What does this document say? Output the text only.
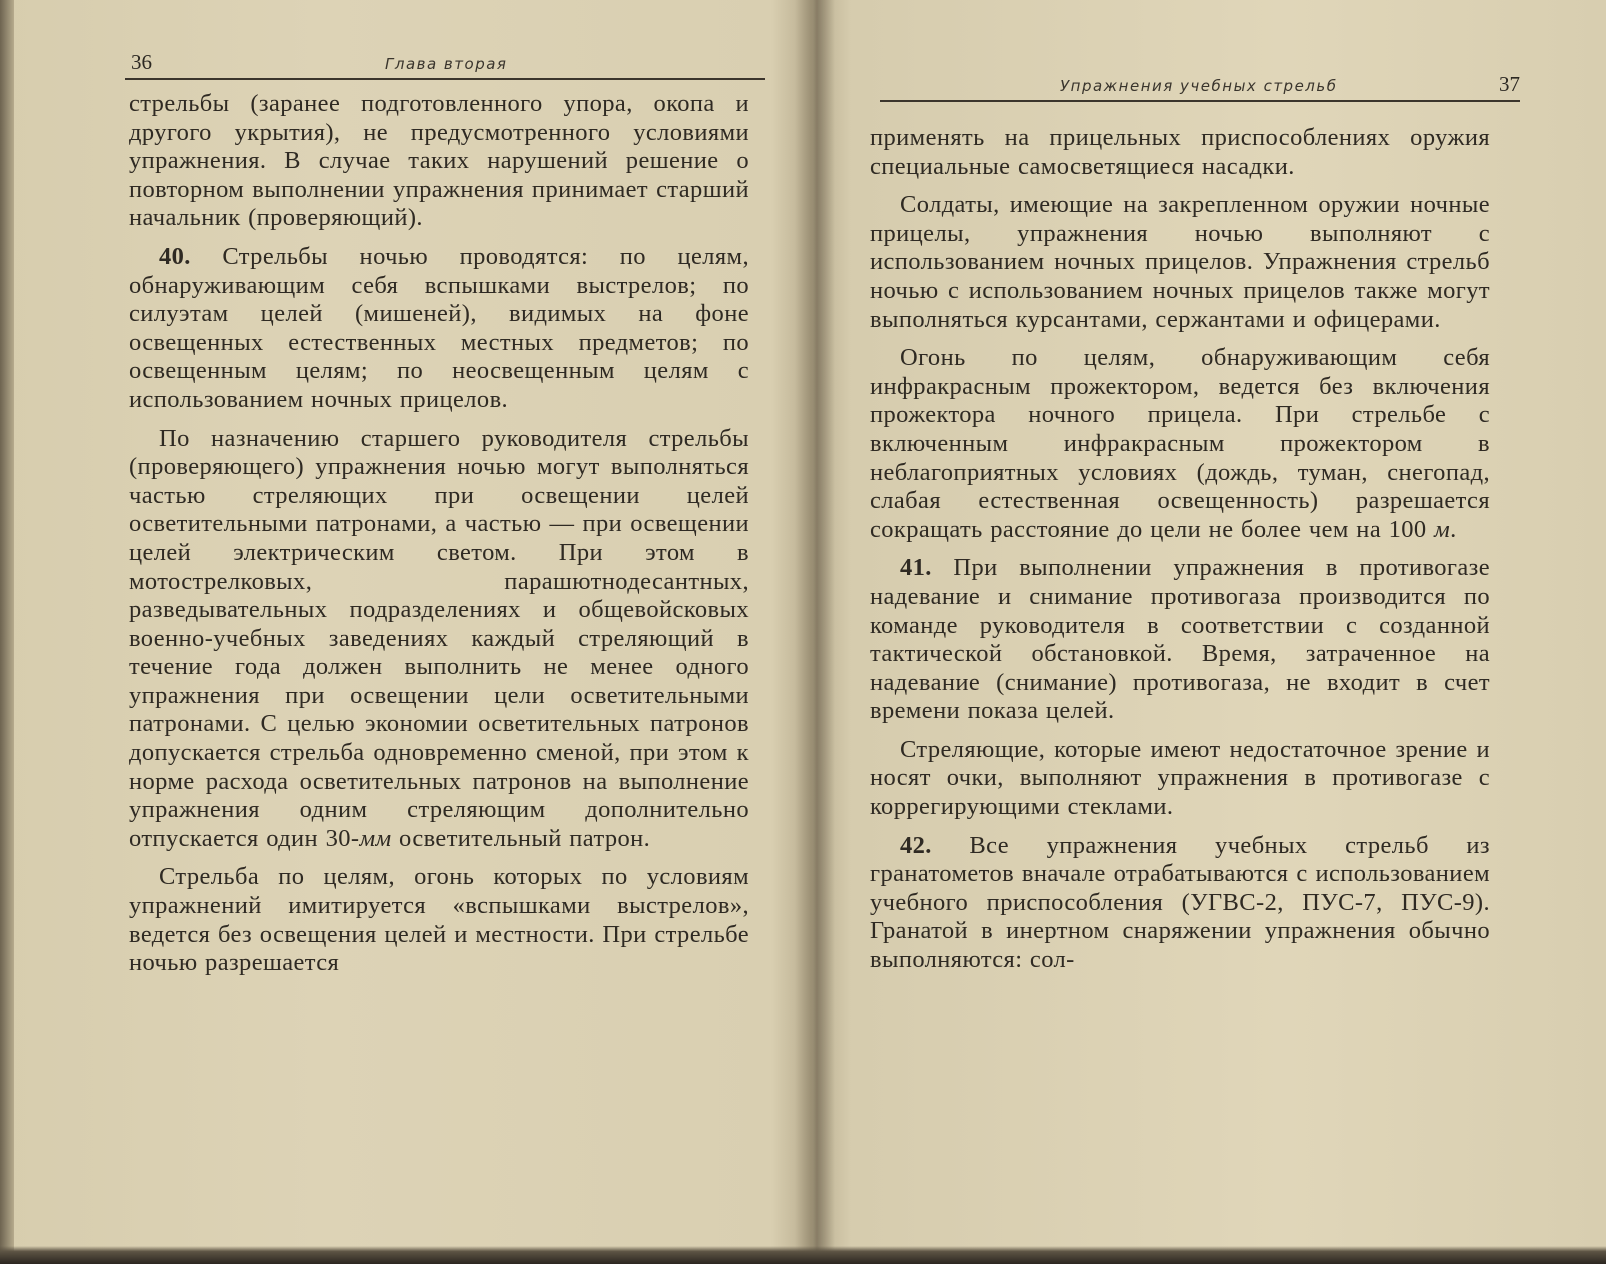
36	Глава вторая

стрельбы (заранее подготовленного упора, окопа и другого укрытия), не предусмотренного условиями упражнения. В случае таких нарушений решение о повторном выполнении упражнения принимает старший начальник (проверяющий).

40. Стрельбы ночью проводятся: по целям, обнаруживающим себя вспышками выстрелов; по силуэтам целей (мишеней), видимых на фоне освещенных естественных местных предметов; по освещенным целям; по неосвещенным целям с использованием ночных прицелов.

По назначению старшего руководителя стрельбы (проверяющего) упражнения ночью могут выполняться частью стреляющих при освещении целей осветительными патронами, а частью — при освещении целей электрическим светом. При этом в мотострелковых, парашютнодесантных, разведывательных подразделениях и общевойсковых военно-учебных заведениях каждый стреляющий в течение года должен выполнить не менее одного упражнения при освещении цели осветительными патронами. С целью экономии осветительных патронов допускается стрельба одновременно сменой, при этом к норме расхода осветительных патронов на выполнение упражнения одним стреляющим дополнительно отпускается один 30-мм осветительный патрон.

Стрельба по целям, огонь которых по условиям упражнений имитируется «вспышками выстрелов», ведется без освещения целей и местности. При стрельбе ночью разрешается

Упражнения учебных стрельб	37

применять на прицельных приспособлениях оружия специальные самосветящиеся насадки.

Солдаты, имеющие на закрепленном оружии ночные прицелы, упражнения ночью выполняют с использованием ночных прицелов. Упражнения стрельб ночью с использованием ночных прицелов также могут выполняться курсантами, сержантами и офицерами.

Огонь по целям, обнаруживающим себя инфракрасным прожектором, ведется без включения прожектора ночного прицела. При стрельбе с включенным инфракрасным прожектором в неблагоприятных условиях (дождь, туман, снегопад, слабая естественная освещенность) разрешается сокращать расстояние до цели не более чем на 100 м.

41. При выполнении упражнения в противогазе надевание и снимание противогаза производится по команде руководителя в соответствии с созданной тактической обстановкой. Время, затраченное на надевание (снимание) противогаза, не входит в счет времени показа целей.

Стреляющие, которые имеют недостаточное зрение и носят очки, выполняют упражнения в противогазе с коррегирующими стеклами.

42. Все упражнения учебных стрельб из гранатометов вначале отрабатываются с использованием учебного приспособления (УГВС-2, ПУС-7, ПУС-9). Гранатой в инертном снаряжении упражнения обычно выполняются: сол-
